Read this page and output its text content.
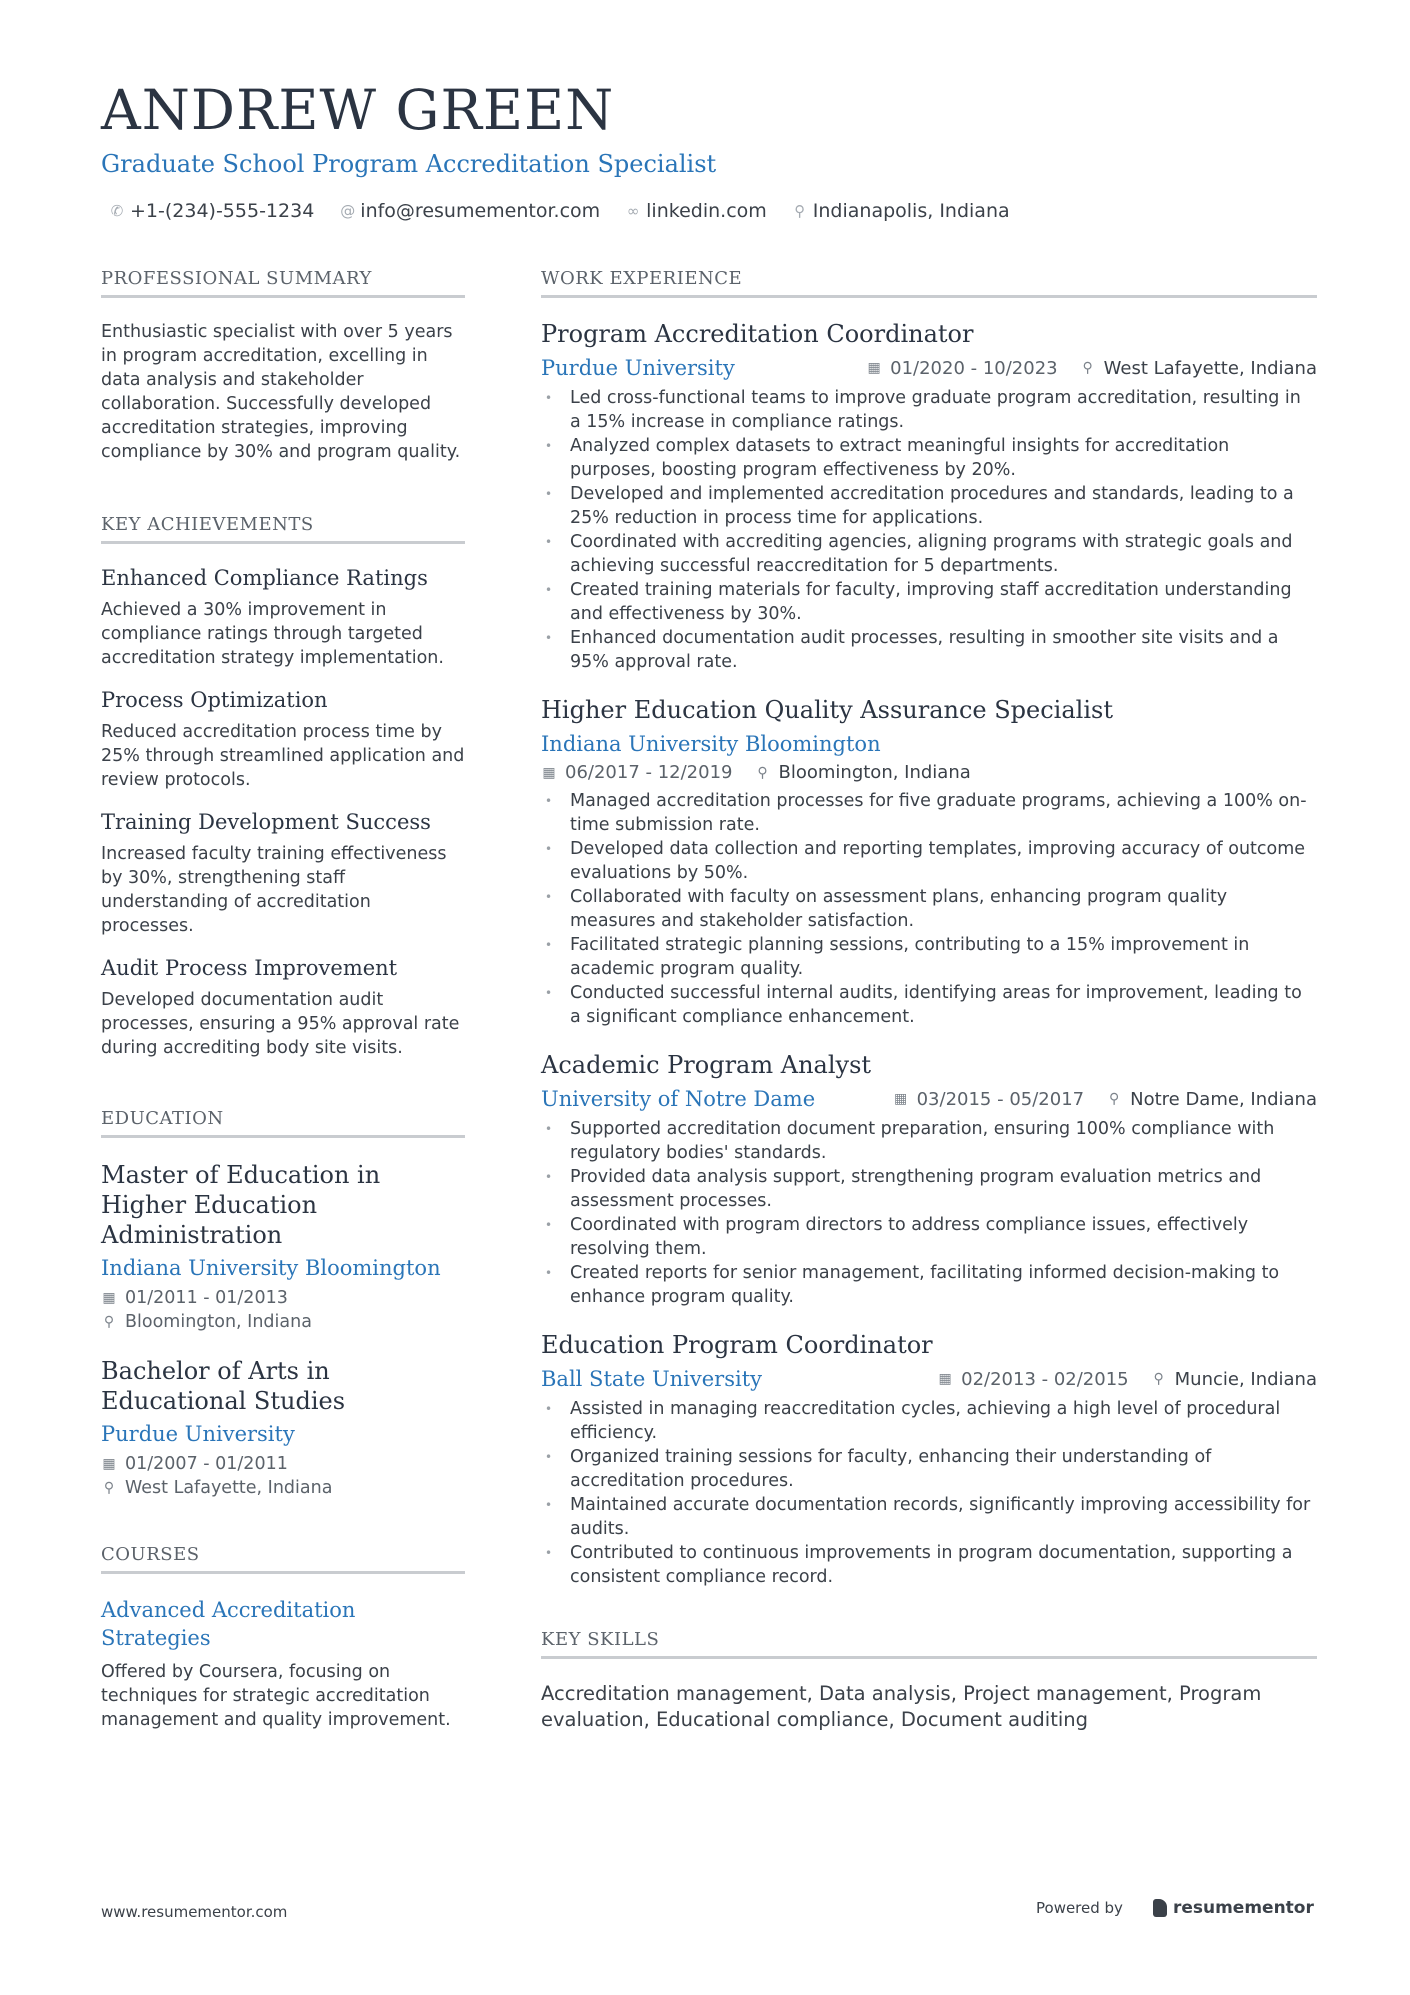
ANDREW GREEN
Graduate School Program Accreditation Specialist
✆ +1-(234)-555-1234 @ info@resumementor.com ∞ linkedin.com ⚲ Indianapolis, Indiana
PROFESSIONAL SUMMARY
Enthusiastic specialist with over 5 years in program accreditation, excelling in data analysis and stakeholder collaboration. Successfully developed accreditation strategies, improving compliance by 30% and program quality.
KEY ACHIEVEMENTS
Enhanced Compliance Ratings
Achieved a 30% improvement in compliance ratings through targeted accreditation strategy implementation.
Process Optimization
Reduced accreditation process time by 25% through streamlined application and review protocols.
Training Development Success
Increased faculty training effectiveness by 30%, strengthening staff understanding of accreditation processes.
Audit Process Improvement
Developed documentation audit processes, ensuring a 95% approval rate during accrediting body site visits.
EDUCATION
Master of Education in Higher Education Administration
Indiana University Bloomington
▦ 01/2011 - 01/2013
⚲ Bloomington, Indiana
Bachelor of Arts in Educational Studies
Purdue University
▦ 01/2007 - 01/2011
⚲ West Lafayette, Indiana
COURSES
Advanced Accreditation Strategies
Offered by Coursera, focusing on techniques for strategic accreditation management and quality improvement.
WORK EXPERIENCE
Program Accreditation Coordinator
Purdue University	▦ 01/2020 - 10/2023 ⚲ West Lafayette, Indiana
• Led cross-functional teams to improve graduate program accreditation, resulting in a 15% increase in compliance ratings.
• Analyzed complex datasets to extract meaningful insights for accreditation purposes, boosting program effectiveness by 20%.
• Developed and implemented accreditation procedures and standards, leading to a 25% reduction in process time for applications.
• Coordinated with accrediting agencies, aligning programs with strategic goals and achieving successful reaccreditation for 5 departments.
• Created training materials for faculty, improving staff accreditation understanding and effectiveness by 30%.
• Enhanced documentation audit processes, resulting in smoother site visits and a 95% approval rate.
Higher Education Quality Assurance Specialist
Indiana University Bloomington
▦ 06/2017 - 12/2019 ⚲ Bloomington, Indiana
• Managed accreditation processes for five graduate programs, achieving a 100% on-time submission rate.
• Developed data collection and reporting templates, improving accuracy of outcome evaluations by 50%.
• Collaborated with faculty on assessment plans, enhancing program quality measures and stakeholder satisfaction.
• Facilitated strategic planning sessions, contributing to a 15% improvement in academic program quality.
• Conducted successful internal audits, identifying areas for improvement, leading to a significant compliance enhancement.
Academic Program Analyst
University of Notre Dame	▦ 03/2015 - 05/2017 ⚲ Notre Dame, Indiana
• Supported accreditation document preparation, ensuring 100% compliance with regulatory bodies' standards.
• Provided data analysis support, strengthening program evaluation metrics and assessment processes.
• Coordinated with program directors to address compliance issues, effectively resolving them.
• Created reports for senior management, facilitating informed decision-making to enhance program quality.
Education Program Coordinator
Ball State University	▦ 02/2013 - 02/2015 ⚲ Muncie, Indiana
• Assisted in managing reaccreditation cycles, achieving a high level of procedural efficiency.
• Organized training sessions for faculty, enhancing their understanding of accreditation procedures.
• Maintained accurate documentation records, significantly improving accessibility for audits.
• Contributed to continuous improvements in program documentation, supporting a consistent compliance record.
KEY SKILLS
Accreditation management, Data analysis, Project management, Program evaluation, Educational compliance, Document auditing
www.resumementor.com	Powered by	resumementor
